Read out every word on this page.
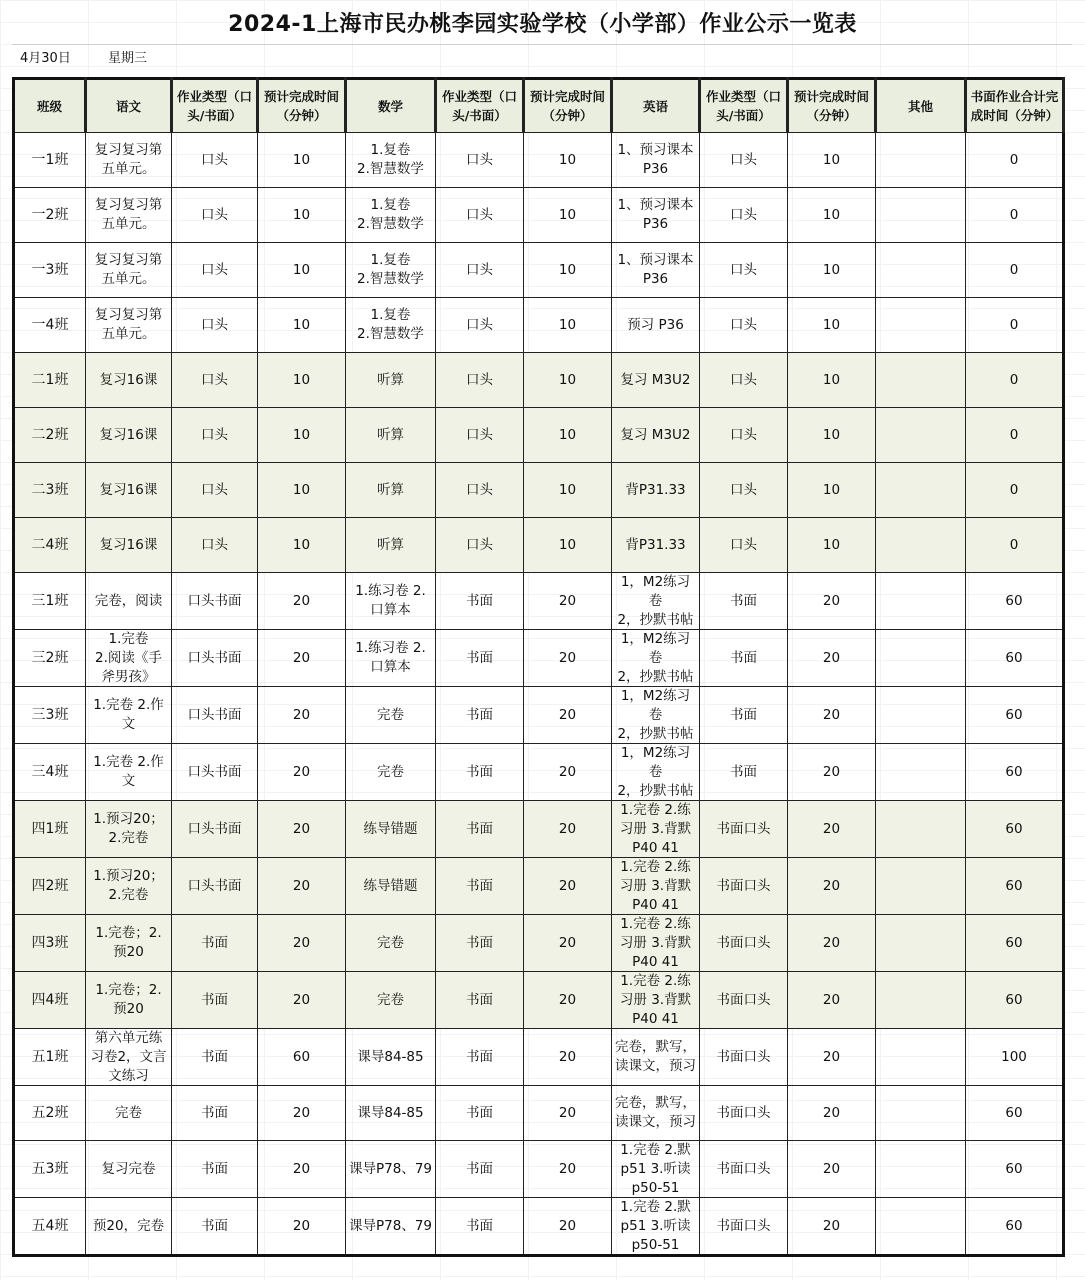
2024-1上海市民办桃李园实验学校（小学部）作业公示一览表
4月30日	星期三
班级	语文	作业类型（口头/书面）	预计完成时间（分钟）	数学	作业类型（口头/书面）	预计完成时间（分钟）	英语	作业类型（口头/书面）	预计完成时间（分钟）	其他	书面作业合计完成时间（分钟）

一1班	复习复习第五单元。	口头	10	1.复卷
2.智慧数学	口头	10	1、预习课本P36	口头	10		0

一2班	复习复习第五单元。	口头	10	1.复卷
2.智慧数学	口头	10	1、预习课本P36	口头	10		0

一3班	复习复习第五单元。	口头	10	1.复卷
2.智慧数学	口头	10	1、预习课本P36	口头	10		0

一4班	复习复习第五单元。	口头	10	1.复卷
2.智慧数学	口头	10	预习 P36	口头	10		0

二1班	复习16课	口头	10	听算	口头	10	复习 M3U2	口头	10		0

二2班	复习16课	口头	10	听算	口头	10	复习 M3U2	口头	10		0

二3班	复习16课	口头	10	听算	口头	10	背P31.33	口头	10		0

二4班	复习16课	口头	10	听算	口头	10	背P31.33	口头	10		0

三1班	完卷，阅读	口头书面	20	1.练习卷 2.口算本	书面	20	1，M2练习卷
2，抄默书帖	书面	20		60

三2班	1.完卷
2.阅读《手斧男孩》	口头书面	20	1.练习卷 2.口算本	书面	20	1，M2练习卷
2，抄默书帖	书面	20		60

三3班	1.完卷 2.作文	口头书面	20	完卷	书面	20	1，M2练习卷
2，抄默书帖	书面	20		60

三4班	1.完卷 2.作文	口头书面	20	完卷	书面	20	1，M2练习卷
2，抄默书帖	书面	20		60

四1班	1.预习20；
2.完卷	口头书面	20	练导错题	书面	20	1.完卷 2.练习册 3.背默P40 41	书面口头	20		60

四2班	1.预习20；
2.完卷	口头书面	20	练导错题	书面	20	1.完卷 2.练习册 3.背默P40 41	书面口头	20		60

四3班	1.完卷；2.预20	书面	20	完卷	书面	20	1.完卷 2.练习册 3.背默P40 41	书面口头	20		60

四4班	1.完卷；2.预20	书面	20	完卷	书面	20	1.完卷 2.练习册 3.背默P40 41	书面口头	20		60

五1班	第六单元练习卷2，文言文练习	书面	60	课导84-85	书面	20	完卷，默写，读课文，预习	书面口头	20		100

五2班	完卷	书面	20	课导84-85	书面	20	完卷，默写，读课文，预习	书面口头	20		60

五3班	复习完卷	书面	20	课导P78、79	书面	20	1.完卷 2.默p51 3.听读p50-51	书面口头	20		60

五4班	预20，完卷	书面	20	课导P78、79	书面	20	1.完卷 2.默p51 3.听读p50-51	书面口头	20		60
